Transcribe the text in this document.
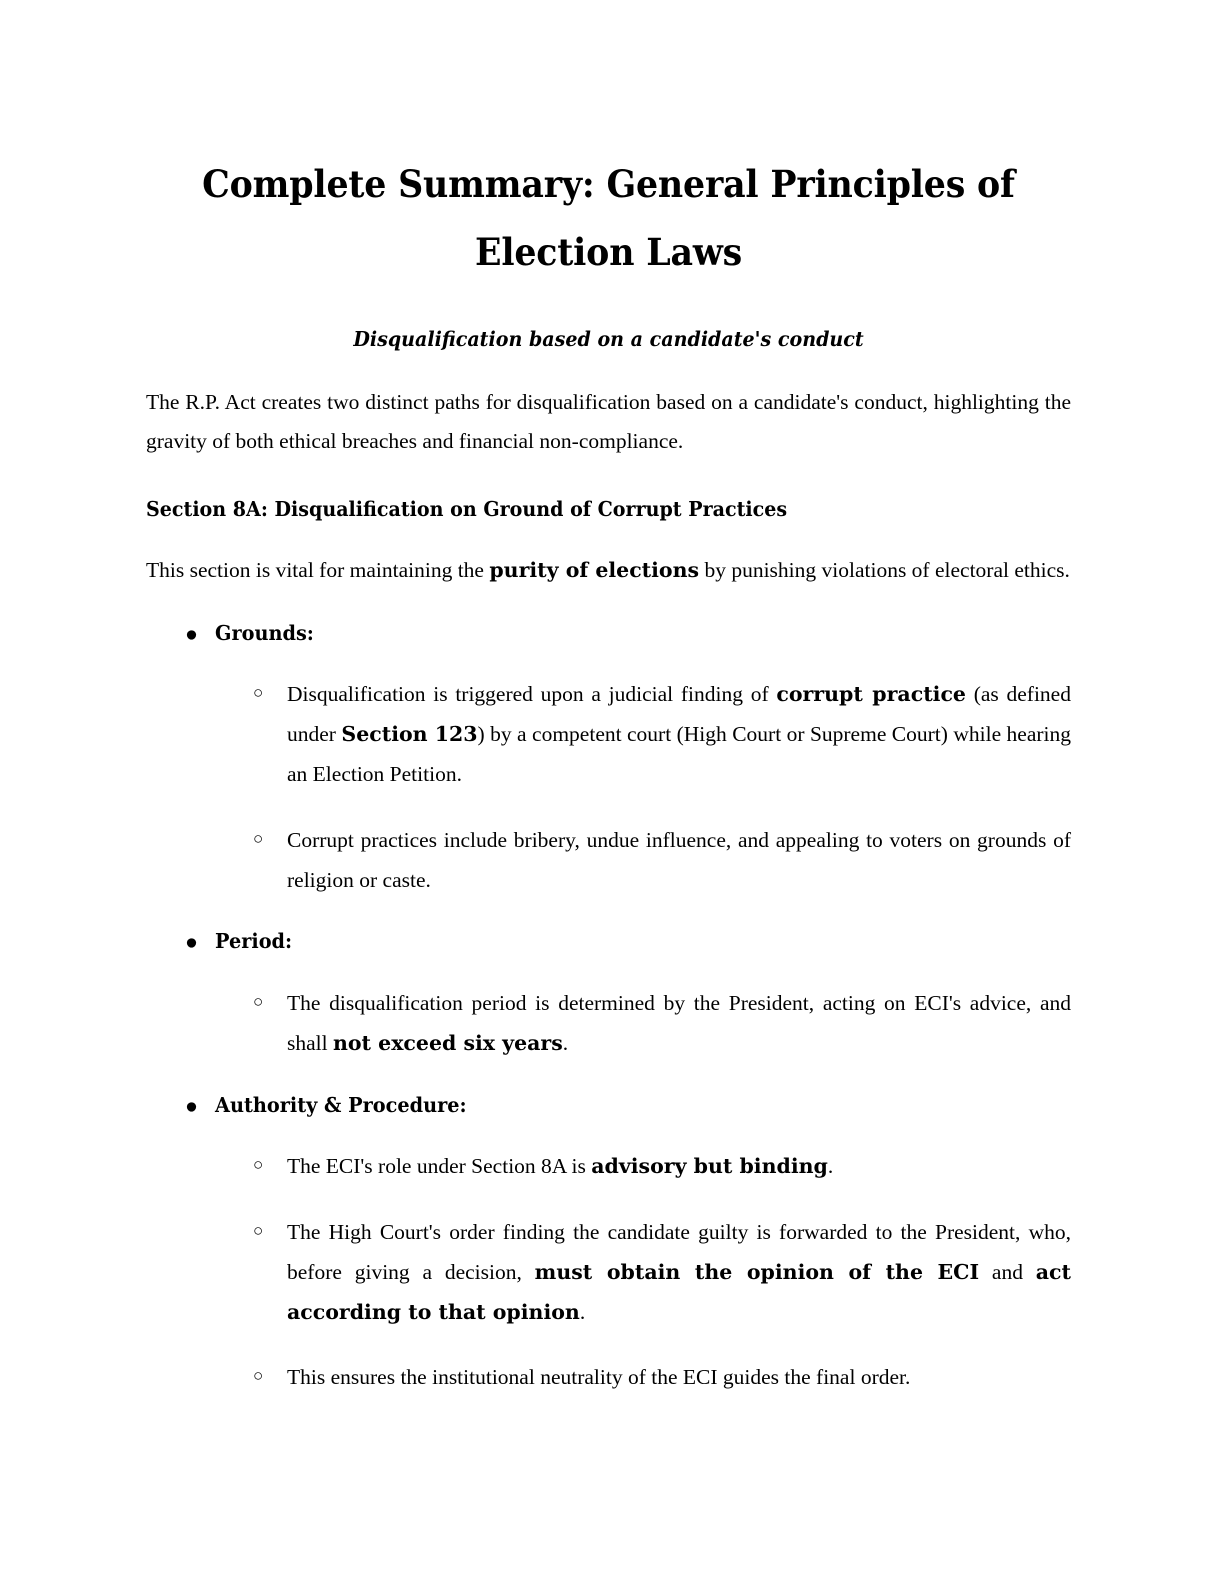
Complete Summary: General Principles of Election Laws
Disqualification based on a candidate's conduct

The R.P. Act creates two distinct paths for disqualification based on a candidate's conduct, highlighting the gravity of both ethical breaches and financial non-compliance.

Section 8A: Disqualification on Ground of Corrupt Practices

This section is vital for maintaining the purity of elections by punishing violations of electoral ethics.

● Grounds:
○ Disqualification is triggered upon a judicial finding of corrupt practice (as defined under Section 123) by a competent court (High Court or Supreme Court) while hearing an Election Petition.
○ Corrupt practices include bribery, undue influence, and appealing to voters on grounds of religion or caste.
● Period:
○ The disqualification period is determined by the President, acting on ECI's advice, and shall not exceed six years.
● Authority & Procedure:
○ The ECI's role under Section 8A is advisory but binding.
○ The High Court's order finding the candidate guilty is forwarded to the President, who, before giving a decision, must obtain the opinion of the ECI and act according to that opinion.
○ This ensures the institutional neutrality of the ECI guides the final order.
